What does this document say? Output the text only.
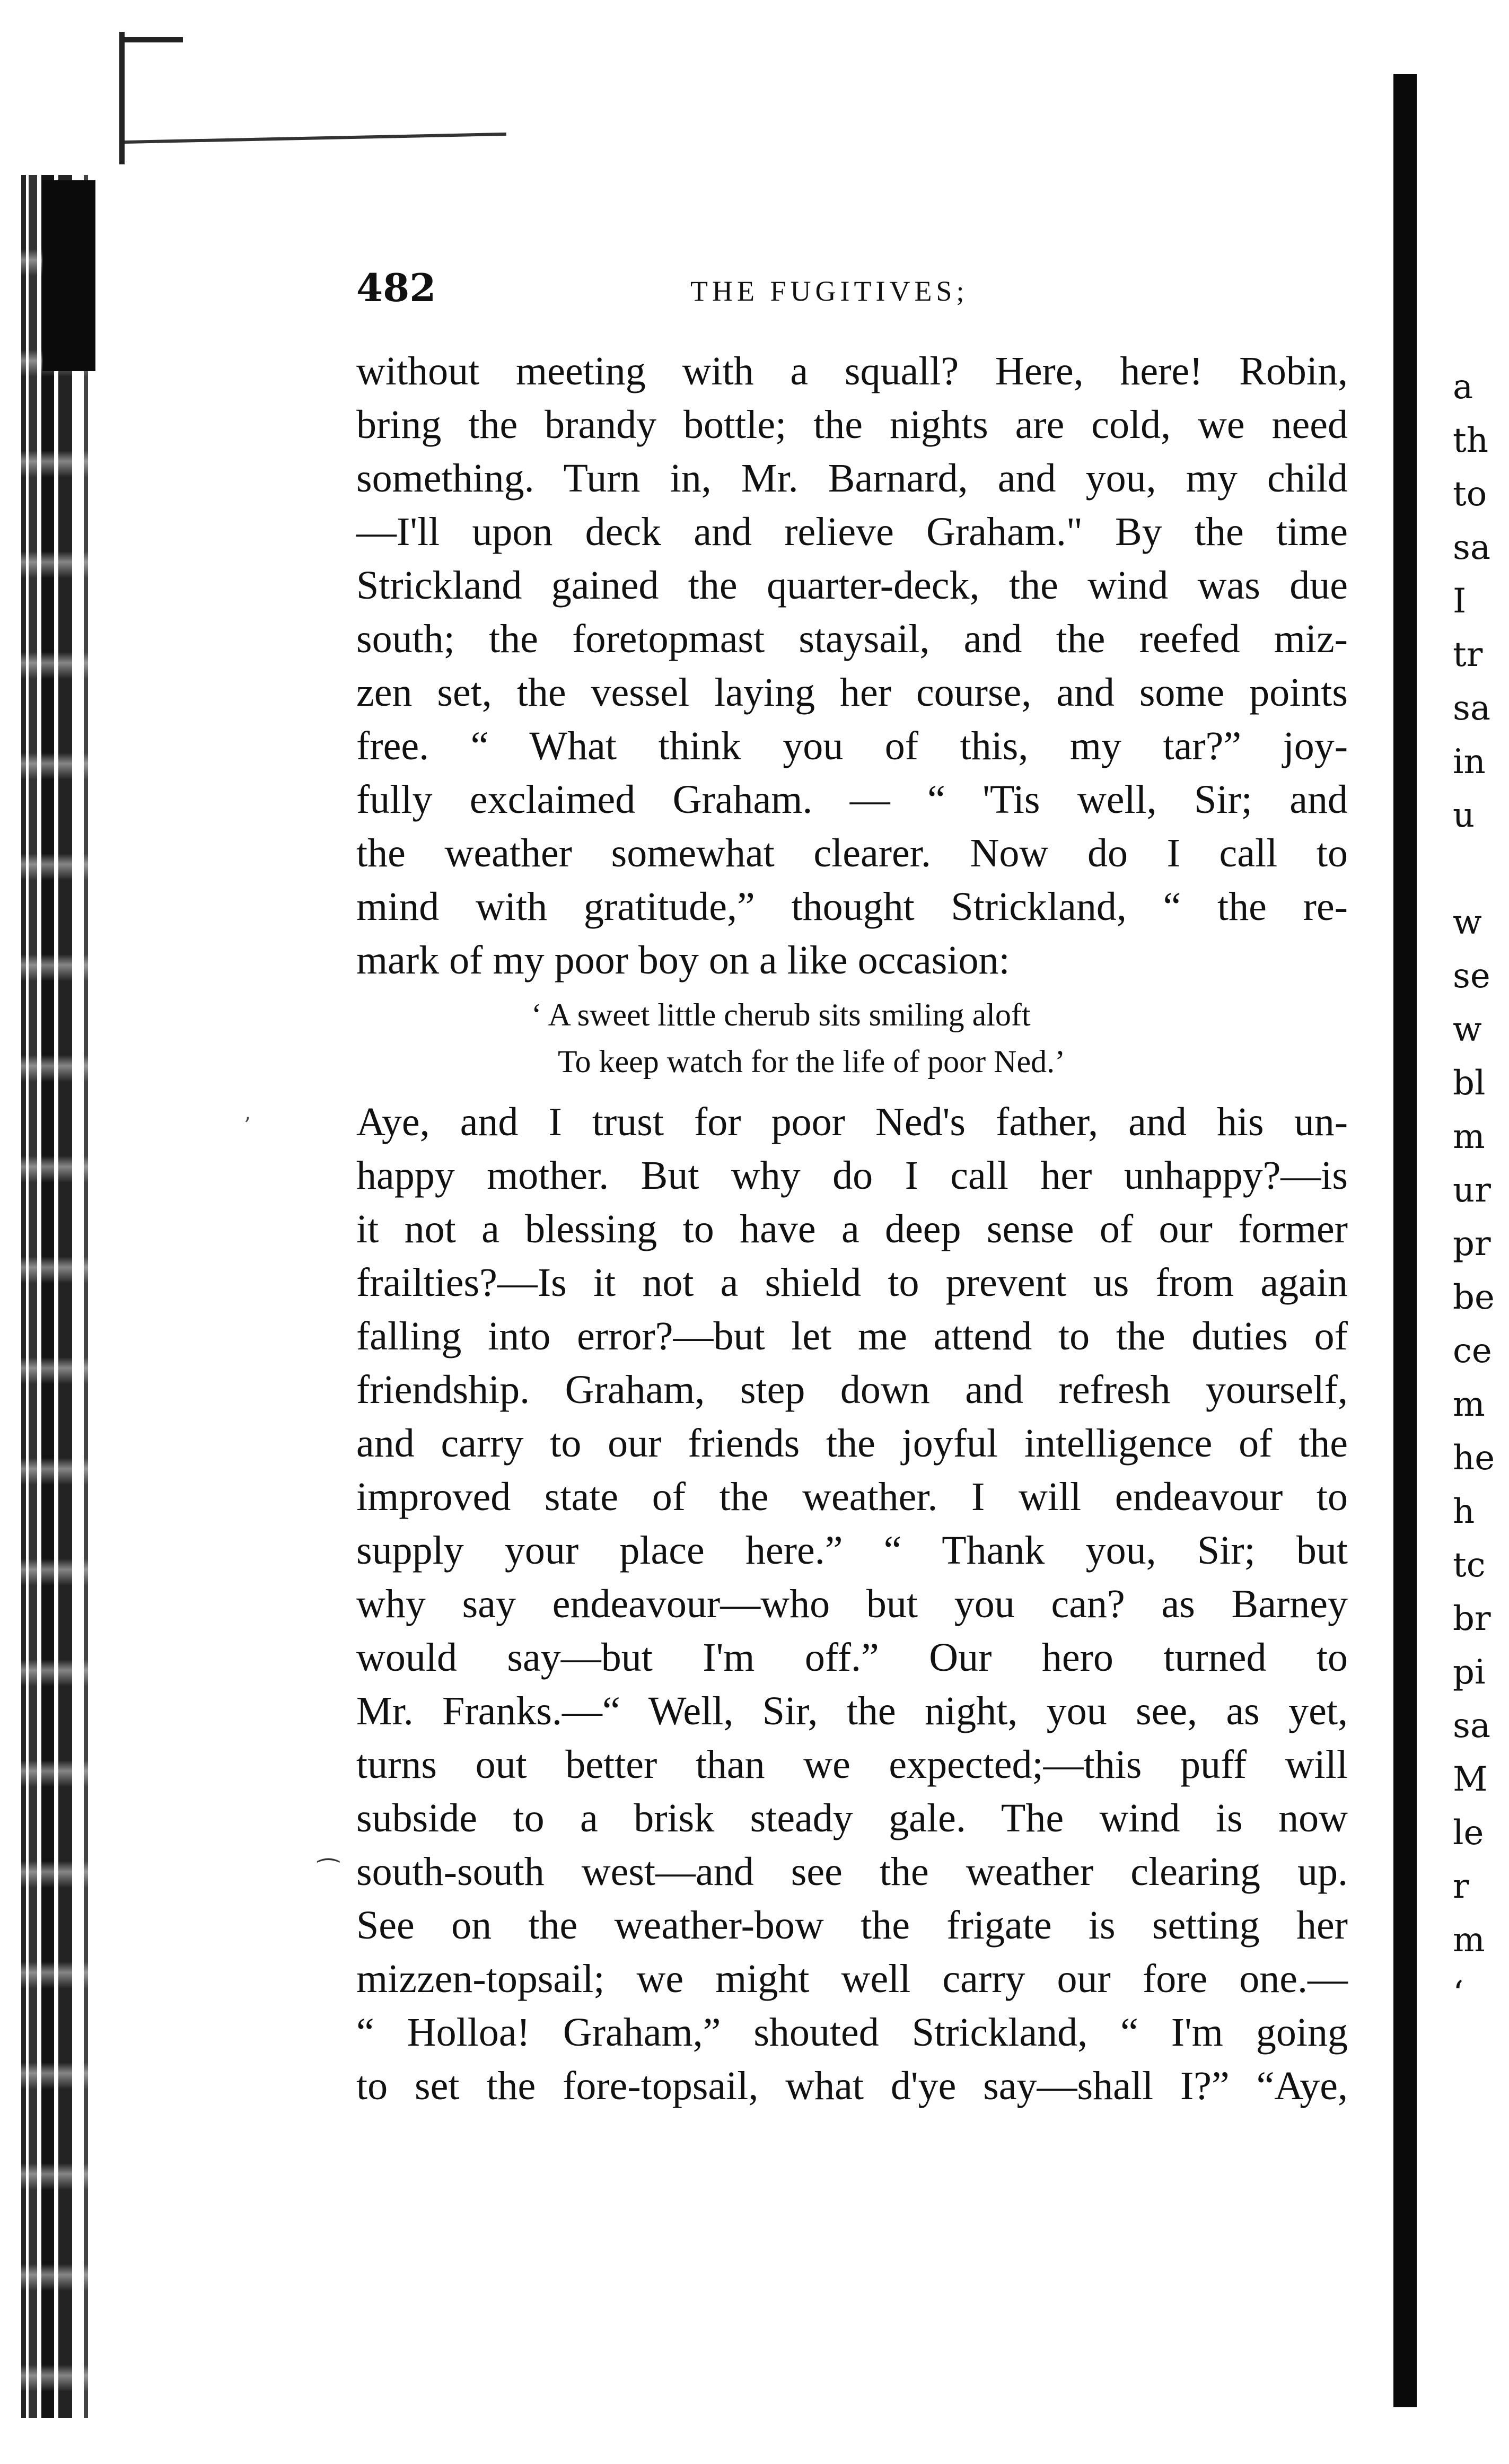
⁀
’
a
th
to
sa
I
tr
sa
in
u
w
se
w
bl
m
ur
pr
be
ce
m
he
h
tc
br
pi
sa
M
le
r
m
‘
482	THE FUGITIVES;
without meeting with a squall? Here, here! Robin,
bring the brandy bottle; the nights are cold, we need
something. Turn in, Mr. Barnard, and you, my child
—I'll upon deck and relieve Graham." By the time
Strickland gained the quarter-deck, the wind was due
south; the foretopmast staysail, and the reefed miz-
zen set, the vessel laying her course, and some points
free. “ What think you of this, my tar?” joy-
fully exclaimed Graham. — “ 'Tis well, Sir; and
the weather somewhat clearer. Now do I call to
mind with gratitude,” thought Strickland, “ the re-
mark of my poor boy on a like occasion:
‘ A sweet little cherub sits smiling aloft
To keep watch for the life of poor Ned.’
Aye, and I trust for poor Ned's father, and his un-
happy mother. But why do I call her unhappy?—is
it not a blessing to have a deep sense of our former
frailties?—Is it not a shield to prevent us from again
falling into error?—but let me attend to the duties of
friendship. Graham, step down and refresh yourself,
and carry to our friends the joyful intelligence of the
improved state of the weather. I will endeavour to
supply your place here.” “ Thank you, Sir; but
why say endeavour—who but you can? as Barney
would say—but I'm off.” Our hero turned to
Mr. Franks.—“ Well, Sir, the night, you see, as yet,
turns out better than we expected;—this puff will
subside to a brisk steady gale. The wind is now
south-south west—and see the weather clearing up.
See on the weather-bow the frigate is setting her
mizzen-topsail; we might well carry our fore one.—
“ Holloa! Graham,” shouted Strickland, “ I'm going
to set the fore-topsail, what d'ye say—shall I?” “Aye,
